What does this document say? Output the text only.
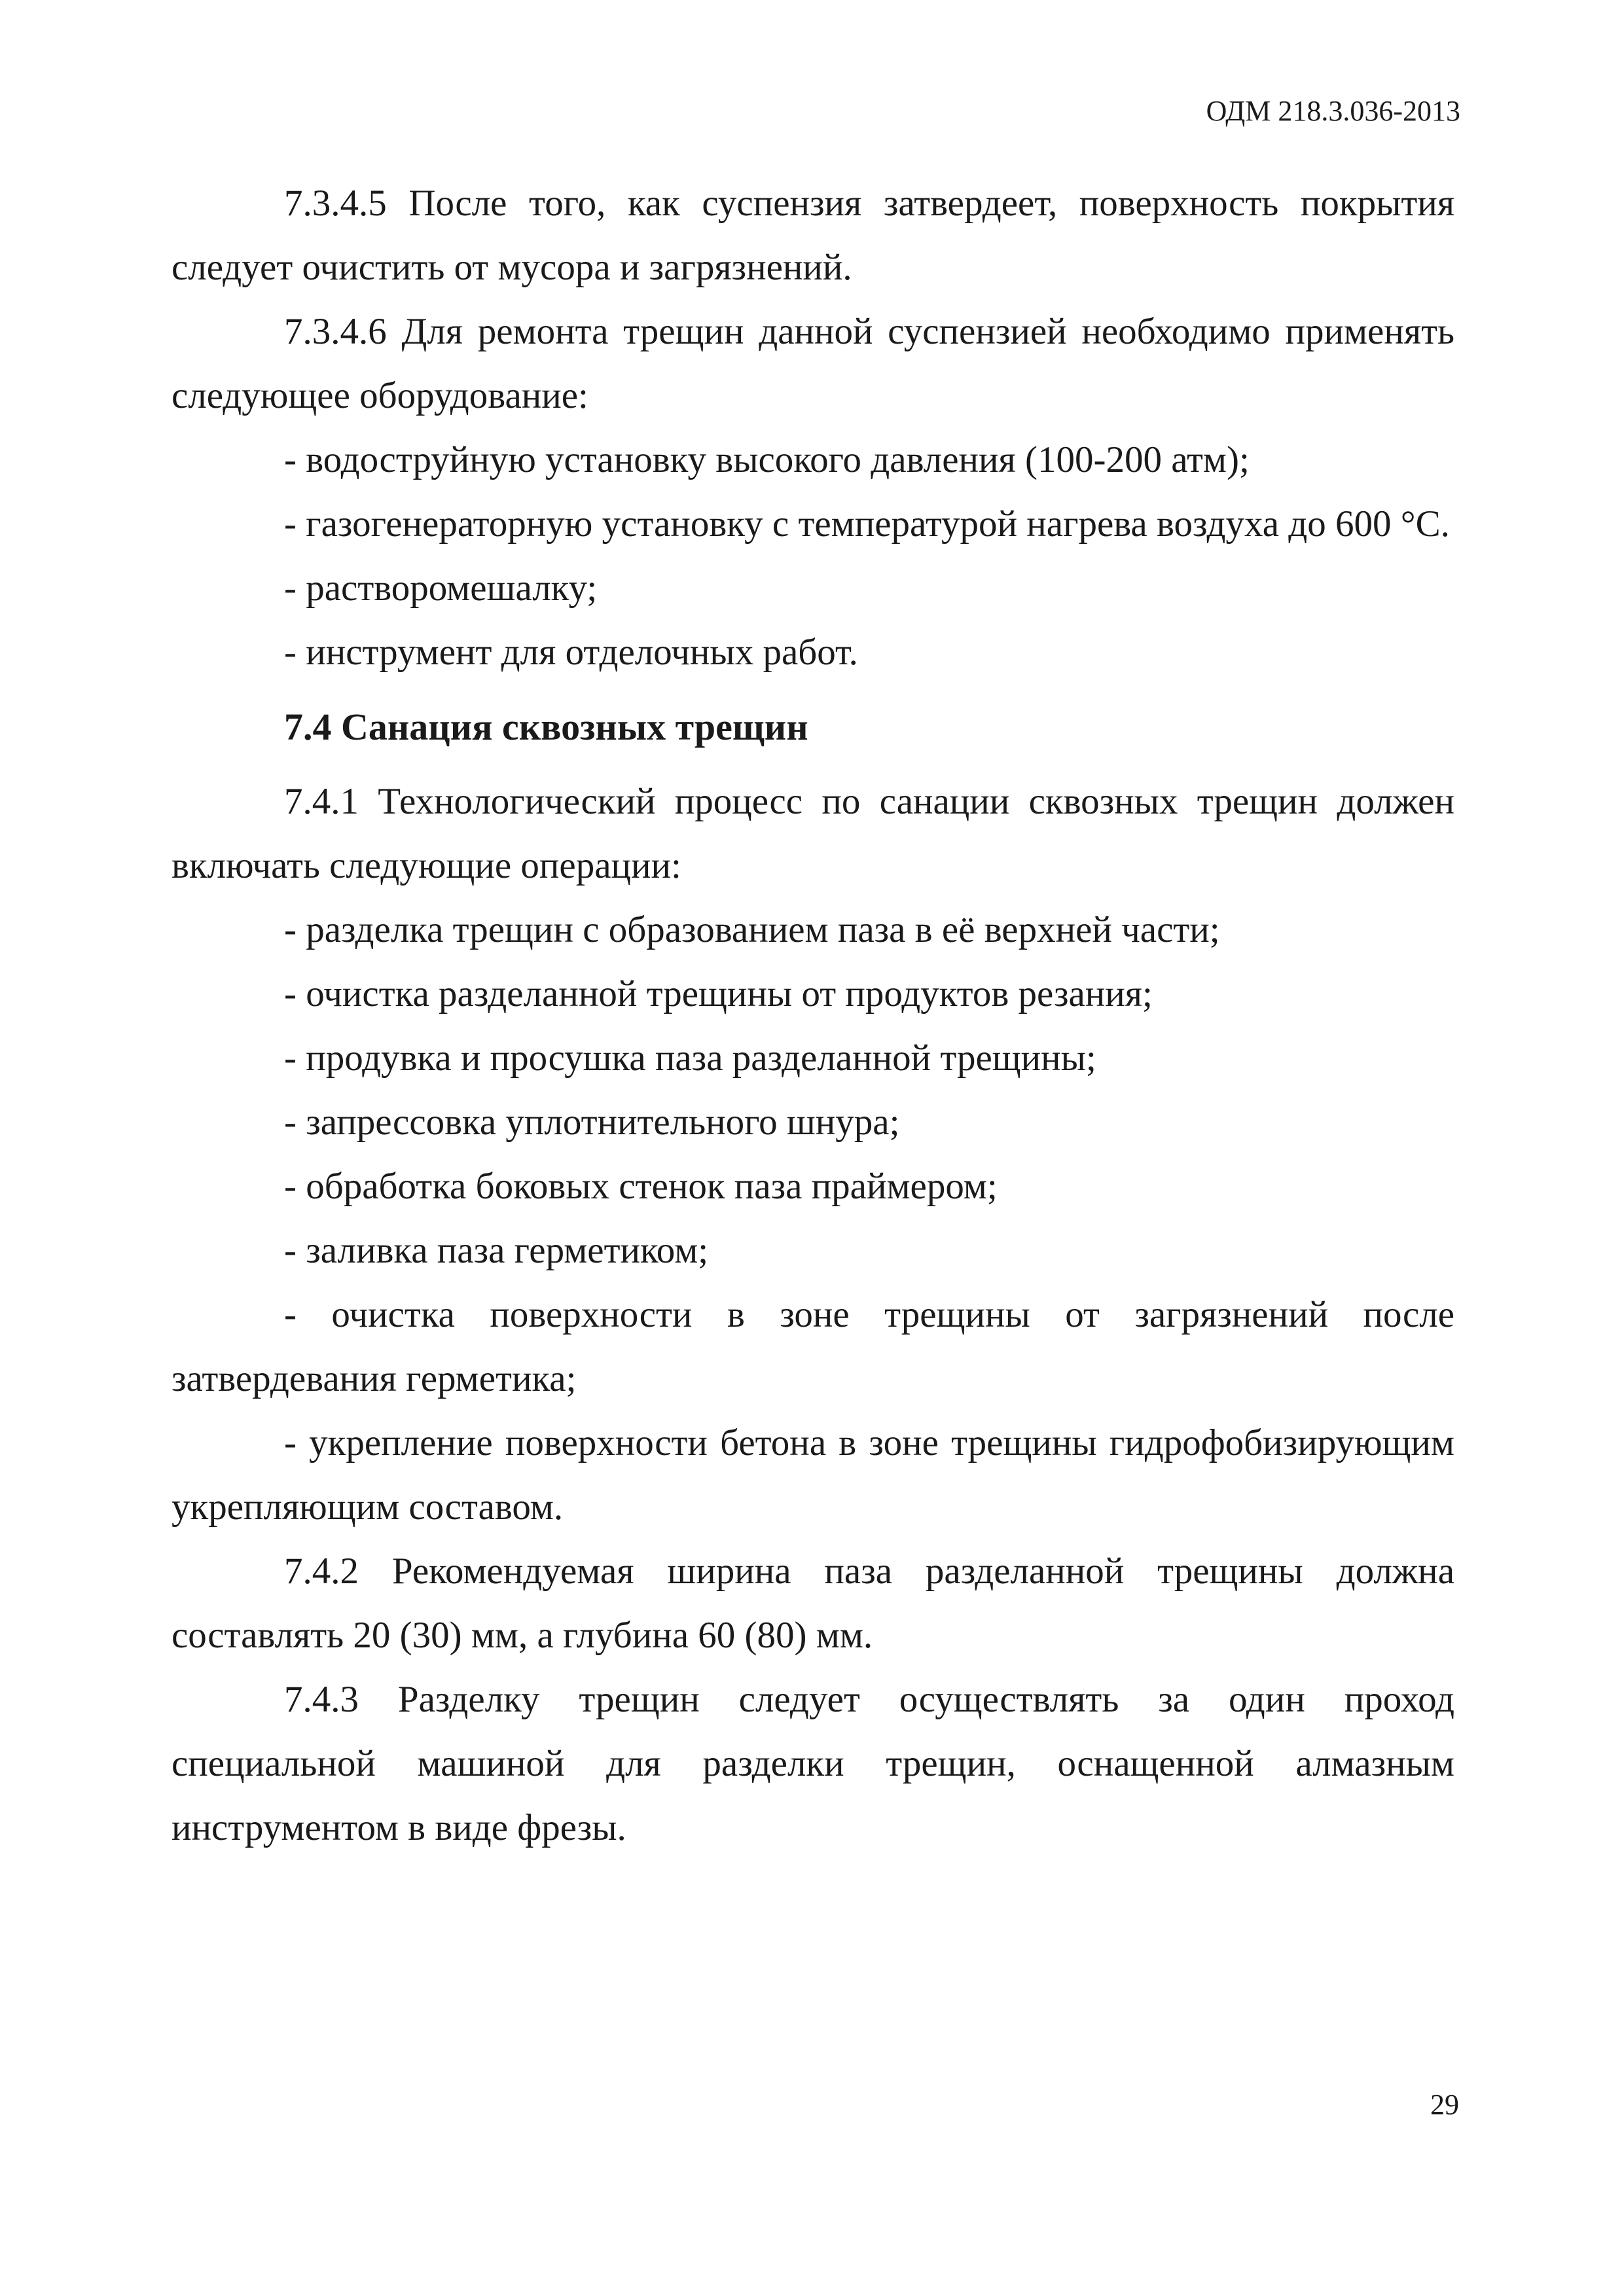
ОДМ 218.3.036-2013

7.3.4.5 После того, как суспензия затвердеет, поверхность покрытия следует очистить от мусора и загрязнений.

7.3.4.6 Для ремонта трещин данной суспензией необходимо применять следующее оборудование:

- водоструйную установку высокого давления (100-200 атм);

- газогенераторную установку с температурой нагрева воздуха до 600 °С.

- растворомешалку;

- инструмент для отделочных работ.

7.4 Санация сквозных трещин

7.4.1 Технологический процесс по санации сквозных трещин должен включать следующие операции:

- разделка трещин с образованием паза в её верхней части;

- очистка разделанной трещины от продуктов резания;

- продувка и просушка паза разделанной трещины;

- запрессовка уплотнительного шнура;

- обработка боковых стенок паза праймером;

- заливка паза герметиком;

- очистка поверхности в зоне трещины от загрязнений после затвердевания герметика;

- укрепление поверхности бетона в зоне трещины гидрофобизирующим укрепляющим составом.

7.4.2 Рекомендуемая ширина паза разделанной трещины должна составлять 20 (30) мм, а глубина 60 (80) мм.

7.4.3 Разделку трещин следует осуществлять за один проход специальной машиной для разделки трещин, оснащенной алмазным инструментом в виде фрезы.

29
